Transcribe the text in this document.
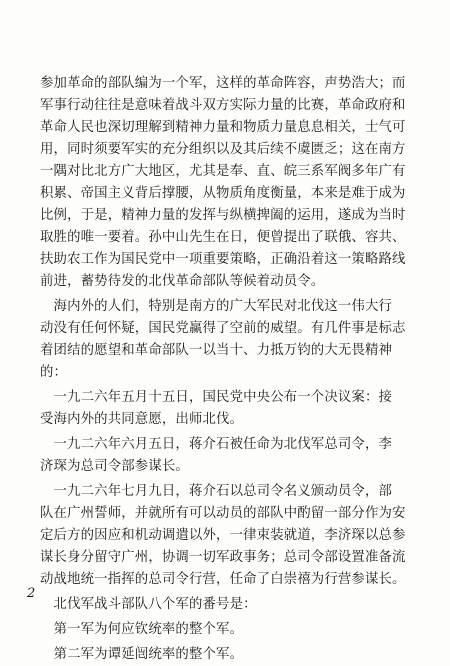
参加革命的部队编为一个军，这样的革命阵容，声势浩大；而
军事行动往往是意味着战斗双方实际力量的比赛，革命政府和
革命人民也深切理解到精神力量和物质力量息息相关，士气可
用，同时须要军实的充分组织以及其后续不虞匮乏；这在南方
一隅对比北方广大地区，尤其是奉、直、皖三系军阀多年广有
积累、帝国主义背后撑腰，从物质角度衡量，本来是难于成为
比例，于是，精神力量的发挥与纵横捭阖的运用，遂成为当时
取胜的唯一要着。孙中山先生在日，便曾提出了联俄、容共、
扶助农工作为国民党中一项重要策略，正确沿着这一策略路线
前进，蓄势待发的北伐革命部队等候着动员令。
　海内外的人们，特别是南方的广大军民对北伐这一伟大行
动没有任何怀疑，国民党赢得了空前的威望。有几件事是标志
着团结的愿望和革命部队一以当十、力抵万钧的大无畏精神
的：
　一九二六年五月十五日，国民党中央公布一个决议案：接
受海内外的共同意愿，出师北伐。
　一九二六年六月五日，蒋介石被任命为北伐军总司令，李
济琛为总司令部参谋长。
　一九二六年七月九日，蒋介石以总司令名义颁动员令，部
队在广州誓师，并就所有可以动员的部队中酌留一部分作为安
定后方的因应和机动调遣以外，一律束装就道，李济琛以总参
谋长身分留守广州，协调一切军政事务；总司令部设置准备流
动战地统一指挥的总司令行营，任命了白崇禧为行营参谋长。
　北伐军战斗部队八个军的番号是：
　第一军为何应钦统率的整个军。
　第二军为谭延闿统率的整个军。
2
